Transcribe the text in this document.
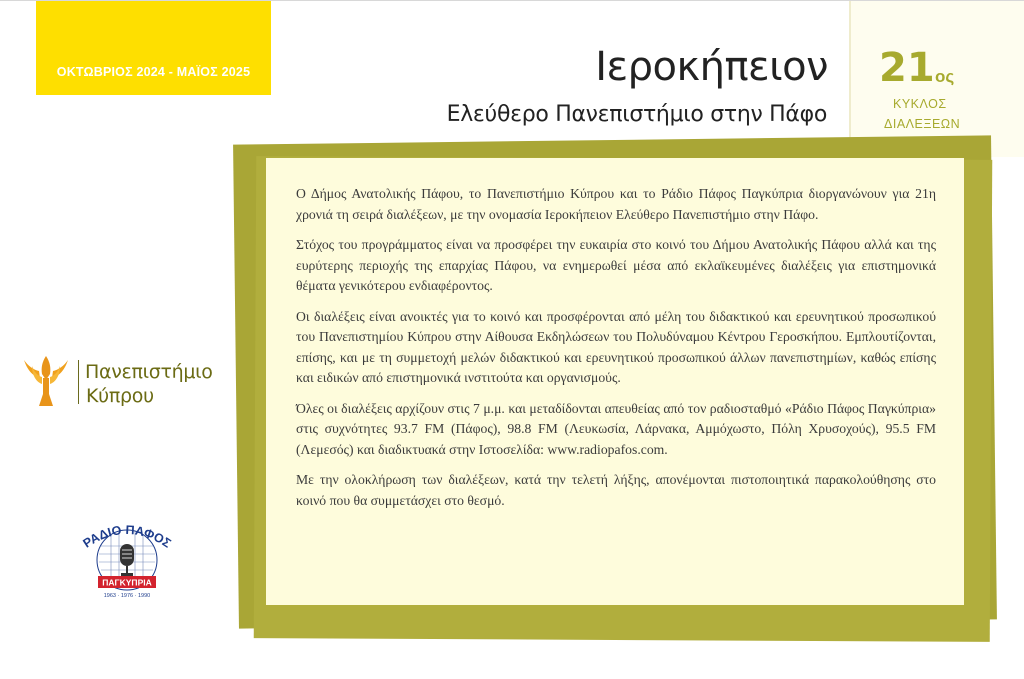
ΟΚΤΩΒΡΙΟΣ 2024 - ΜΑΪΟΣ 2025	Ιεροκήπειον
Ελεύθερο Πανεπιστήμιο στην Πάφο
21 ος
ΚΥΚΛΟΣ
ΔΙΑΛΕΞΕΩΝ

Ο Δήμος Ανατολικής Πάφου, το Πανεπιστήμιο Κύπρου και το Ράδιο Πάφος Παγκύπρια διοργανώνουν για 21η χρονιά τη σειρά διαλέξεων, με την ονομασία Ιεροκήπειον Ελεύθερο Πανεπιστήμιο στην Πάφο.

Στόχος του προγράμματος είναι να προσφέρει την ευκαιρία στο κοινό του Δήμου Ανατολικής Πάφου αλλά και της ευρύτερης περιοχής της επαρχίας Πάφου, να ενημερωθεί μέσα από εκλαϊκευμένες διαλέξεις για επιστημονικά θέματα γενικότερου ενδιαφέροντος.

Οι διαλέξεις είναι ανοικτές για το κοινό και προσφέρονται από μέλη του διδακτικού και ερευνητικού προσωπικού του Πανεπιστημίου Κύπρου στην Αίθουσα Εκδηλώσεων του Πολυδύναμου Κέντρου Γεροσκήπου. Εμπλουτίζονται, επίσης, και με τη συμμετοχή μελών διδακτικού και ερευνητικού προσωπικού άλλων πανεπιστημίων, καθώς επίσης και ειδικών από επιστημονικά ινστιτούτα και οργανισμούς.

Όλες οι διαλέξεις αρχίζουν στις 7 μ.μ. και μεταδίδονται απευθείας από τον ραδιοσταθμό «Ράδιο Πάφος Παγκύπρια» στις συχνότητες 93.7 FM (Πάφος), 98.8 FM (Λευκωσία, Λάρνακα, Αμμόχωστο, Πόλη Χρυσοχούς), 95.5 FM (Λεμεσός) και διαδικτυακά στην Ιστοσελίδα: www.radiopafos.com.

Με την ολοκλήρωση των διαλέξεων, κατά την τελετή λήξης, απονέμονται πιστοποιητικά παρακολούθησης στο κοινό που θα συμμετάσχει στο θεσμό.

Πανεπιστήμιο
Κύπρου
ΡΑΔΙΟ ΠΑΦΟΣ
ΠΑΓΚΥΠΡΙΑ
1963 · 1976 · 1990
